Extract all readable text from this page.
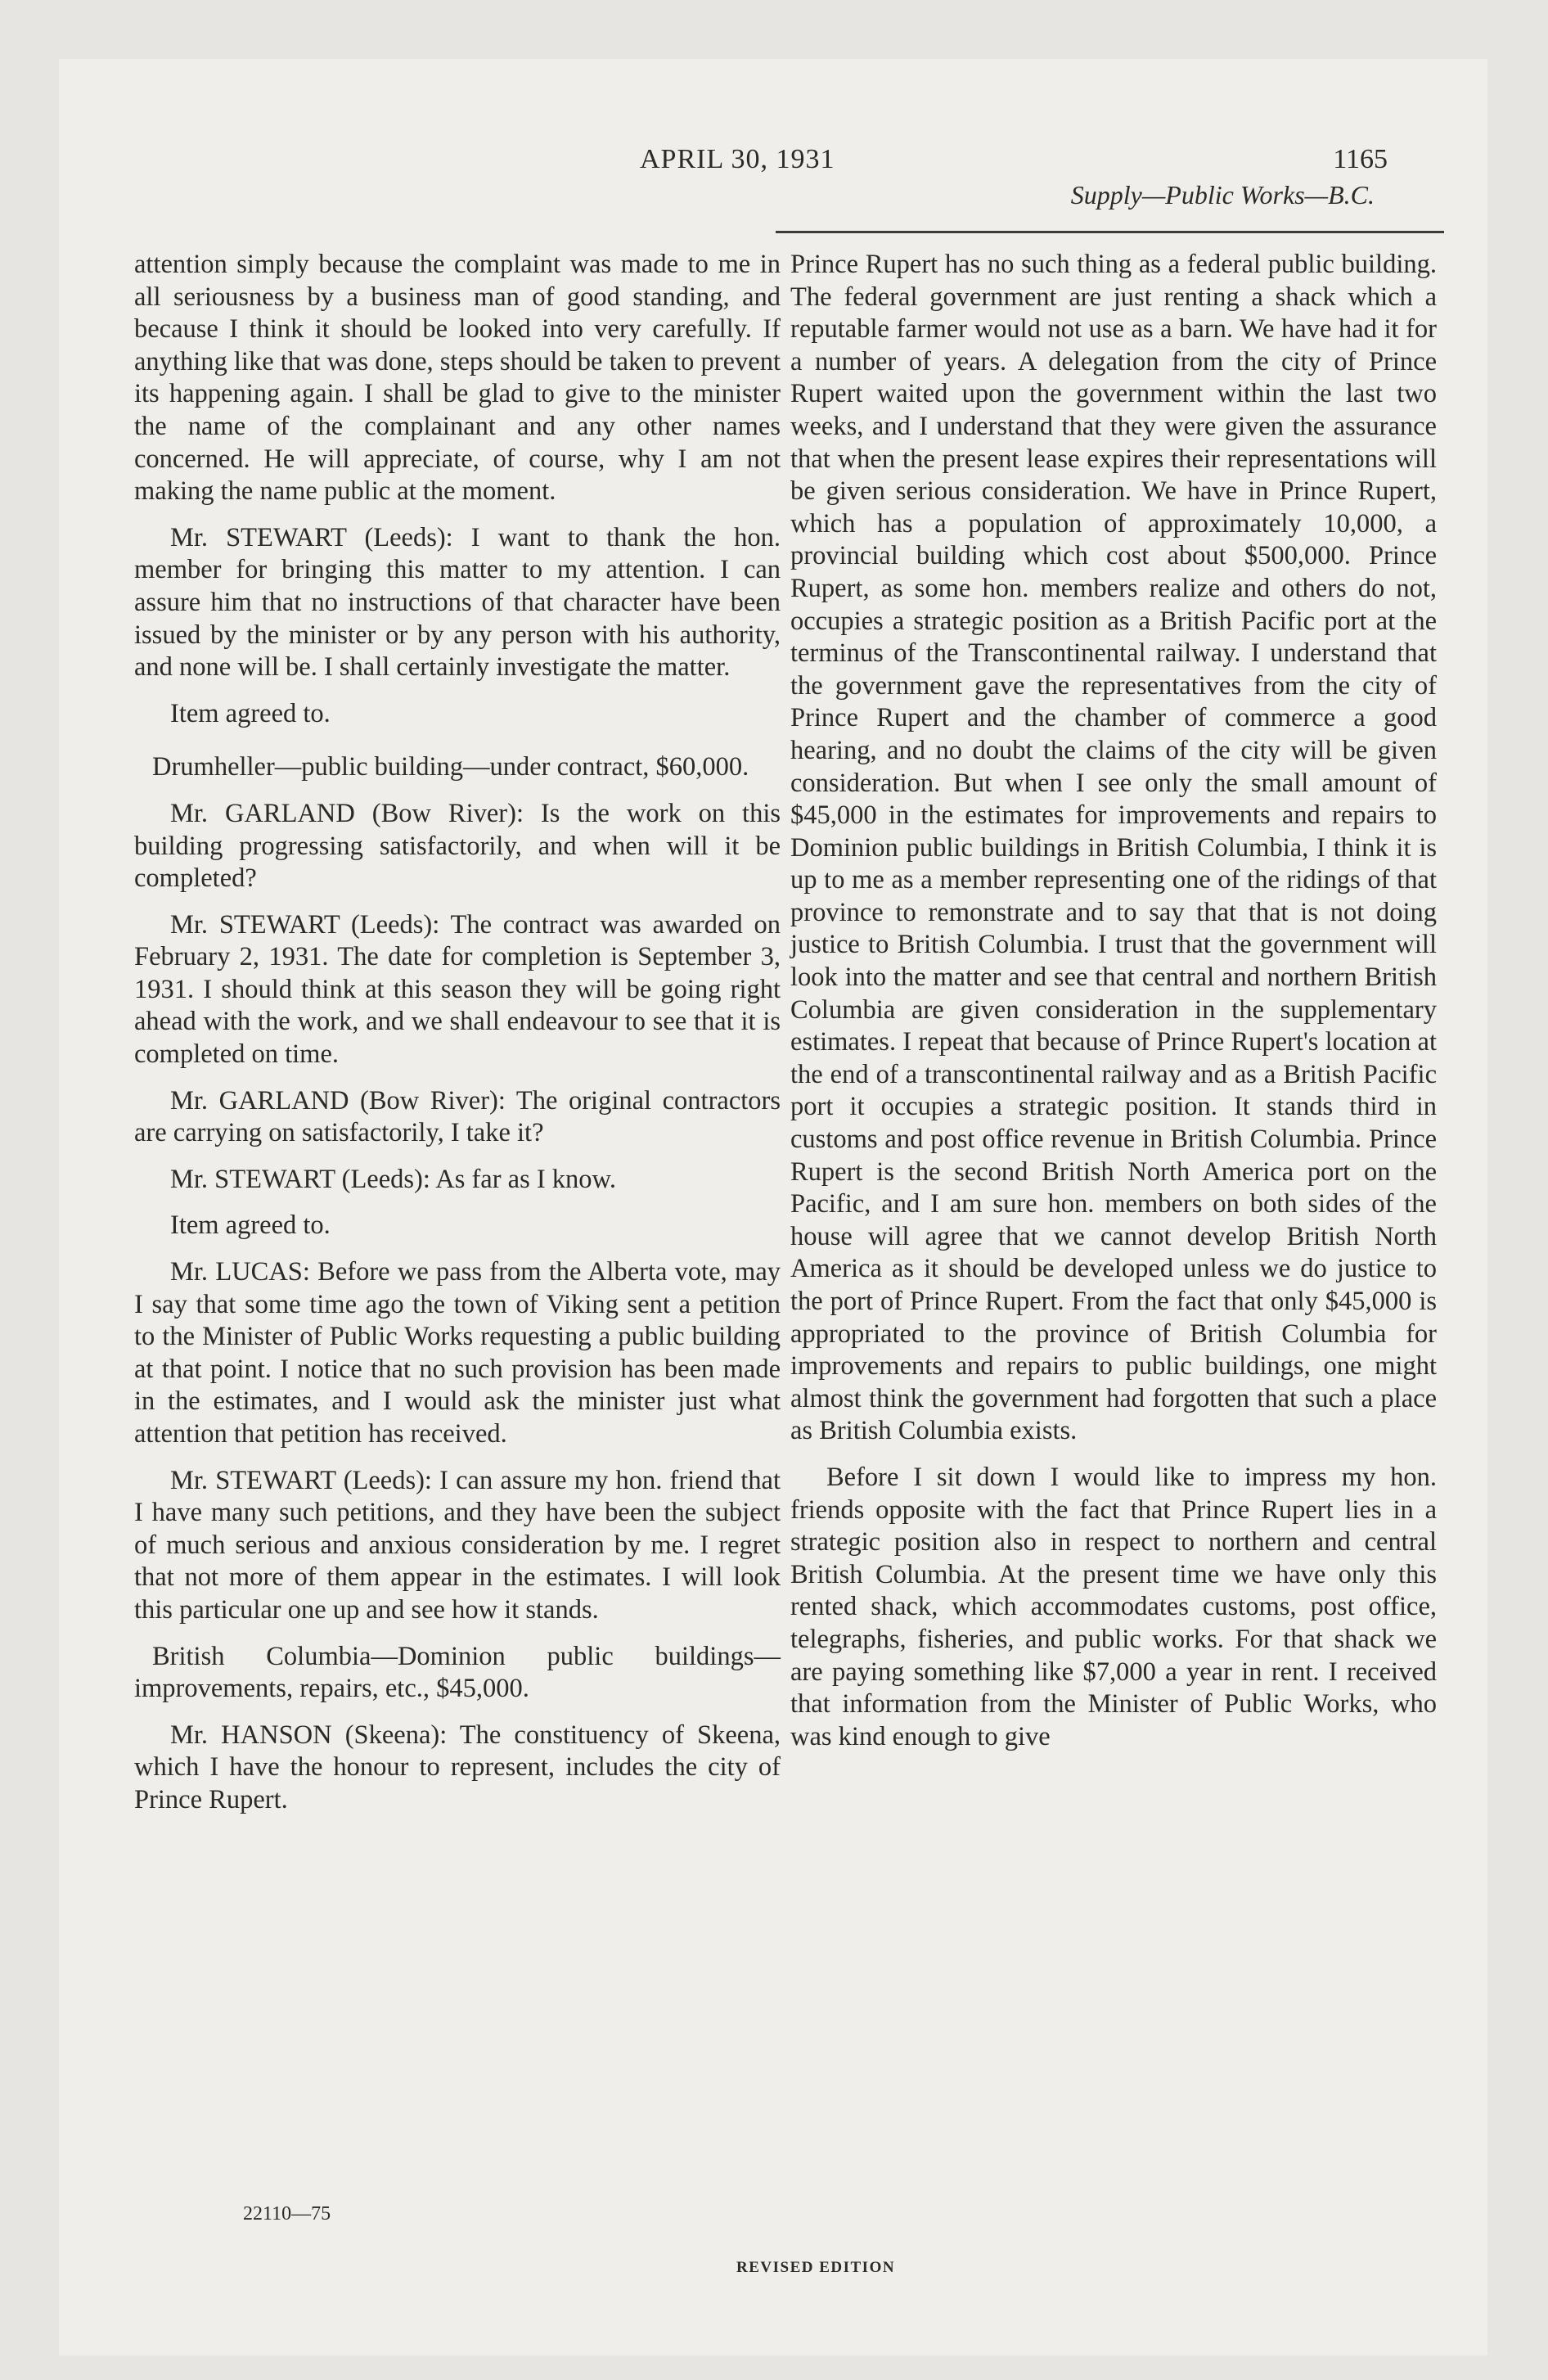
APRIL 30, 1931	1165
Supply—Public Works—B.C.

attention simply because the complaint was made to me in all seriousness by a business man of good standing, and because I think it should be looked into very carefully. If anything like that was done, steps should be taken to prevent its happening again. I shall be glad to give to the minister the name of the complainant and any other names concerned. He will appreciate, of course, why I am not making the name public at the moment.

Mr. STEWART (Leeds): I want to thank the hon. member for bringing this matter to my attention. I can assure him that no instructions of that character have been issued by the minister or by any person with his authority, and none will be. I shall certainly investigate the matter.

Item agreed to.

Drumheller—public building—under contract, $60,000.

Mr. GARLAND (Bow River): Is the work on this building progressing satisfactorily, and when will it be completed?

Mr. STEWART (Leeds): The contract was awarded on February 2, 1931. The date for completion is September 3, 1931. I should think at this season they will be going right ahead with the work, and we shall endeavour to see that it is completed on time.

Mr. GARLAND (Bow River): The original contractors are carrying on satisfactorily, I take it?

Mr. STEWART (Leeds): As far as I know.

Item agreed to.

Mr. LUCAS: Before we pass from the Alberta vote, may I say that some time ago the town of Viking sent a petition to the Minister of Public Works requesting a public building at that point. I notice that no such provision has been made in the estimates, and I would ask the minister just what attention that petition has received.

Mr. STEWART (Leeds): I can assure my hon. friend that I have many such petitions, and they have been the subject of much serious and anxious consideration by me. I regret that not more of them appear in the estimates. I will look this particular one up and see how it stands.

British Columbia—Dominion public buildings—improvements, repairs, etc., $45,000.

Mr. HANSON (Skeena): The constituency of Skeena, which I have the honour to represent, includes the city of Prince Rupert.

Prince Rupert has no such thing as a federal public building. The federal government are just renting a shack which a reputable farmer would not use as a barn. We have had it for a number of years. A delegation from the city of Prince Rupert waited upon the government within the last two weeks, and I understand that they were given the assurance that when the present lease expires their representations will be given serious consideration. We have in Prince Rupert, which has a population of approximately 10,000, a provincial building which cost about $500,000. Prince Rupert, as some hon. members realize and others do not, occupies a strategic position as a British Pacific port at the terminus of the Transcontinental railway. I understand that the government gave the representatives from the city of Prince Rupert and the chamber of commerce a good hearing, and no doubt the claims of the city will be given consideration. But when I see only the small amount of $45,000 in the estimates for improvements and repairs to Dominion public buildings in British Columbia, I think it is up to me as a member representing one of the ridings of that province to remonstrate and to say that that is not doing justice to British Columbia. I trust that the government will look into the matter and see that central and northern British Columbia are given consideration in the supplementary estimates. I repeat that because of Prince Rupert's location at the end of a transcontinental railway and as a British Pacific port it occupies a strategic position. It stands third in customs and post office revenue in British Columbia. Prince Rupert is the second British North America port on the Pacific, and I am sure hon. members on both sides of the house will agree that we cannot develop British North America as it should be developed unless we do justice to the port of Prince Rupert. From the fact that only $45,000 is appropriated to the province of British Columbia for improvements and repairs to public buildings, one might almost think the government had forgotten that such a place as British Columbia exists.

Before I sit down I would like to impress my hon. friends opposite with the fact that Prince Rupert lies in a strategic position also in respect to northern and central British Columbia. At the present time we have only this rented shack, which accommodates customs, post office, telegraphs, fisheries, and public works. For that shack we are paying something like $7,000 a year in rent. I received that information from the Minister of Public Works, who was kind enough to give

22110—75
REVISED EDITION
